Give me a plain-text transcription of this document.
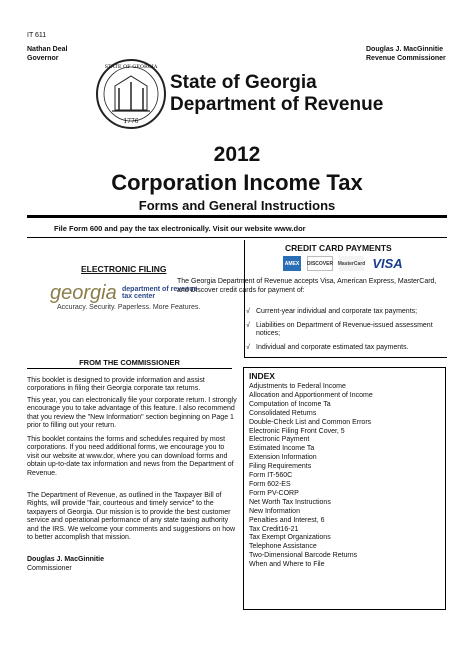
IT 611
Nathan Deal
Governor
Douglas J. MacGinnitie
Revenue Commissioner
STATE OF GEORGIA
1776
State of Georgia
Department of Revenue
2012
Corporation Income Tax
Forms and General Instructions
File Form 600 and pay the tax electronically. Visit our website www.dor
CREDIT CARD PAYMENTS
AMEX	DISCOVER MasterCard VISA
ELECTRONIC FILING
georgia department of revenue
tax center
Accuracy. Security. Paperless. More Features.
The Georgia Department of Revenue accepts Visa, American Express, MasterCard, and Discover credit cards for payment of:
√ Current-year individual and corporate tax payments;
√ Liabilities on Department of Revenue-issued assessment notices;
√ Individual and corporate estimated tax payments.
FROM THE COMMISSIONER
This booklet is designed to provide information and assist corporations in filing their Georgia corporate tax returns.
This year, you can electronically file your corporate return. I strongly encourage you to take advantage of this feature. I also recommend that you review the "New Information" section beginning on Page 1 prior to filling out your return.
This booklet contains the forms and schedules required by most corporations. If you need additional forms, we encourage you to visit our website at www.dor, where you can download forms and obtain up-to-date tax information and news from the Department of Revenue.
The Department of Revenue, as outlined in the Taxpayer Bill of Rights, will provide "fair, courteous and timely service" to the taxpayers of Georgia. Our mission is to provide the best customer service and operational performance of any state taxing authority and the IRS. We welcome your comments and suggestions on how to better accomplish that mission.
Douglas J. MacGinnitie
Commissioner
INDEX
Adjustments to Federal Income
Allocation and Apportionment of Income
Computation of Income Ta
Consolidated Returns
Double-Check List and Common Errors
Electronic Filing Front Cover, 5
Electronic Payment
Estimated Income Ta
Extension Information
Filing Requirements
Form IT-560C
Form 602-ES
Form PV-CORP
Net Worth Tax Instructions
New Information
Penalties and Interest, 6
Tax Credit16-21
Tax Exempt Organizations
Telephone Assistance
Two-Dimensional Barcode Returns
When and Where to File
